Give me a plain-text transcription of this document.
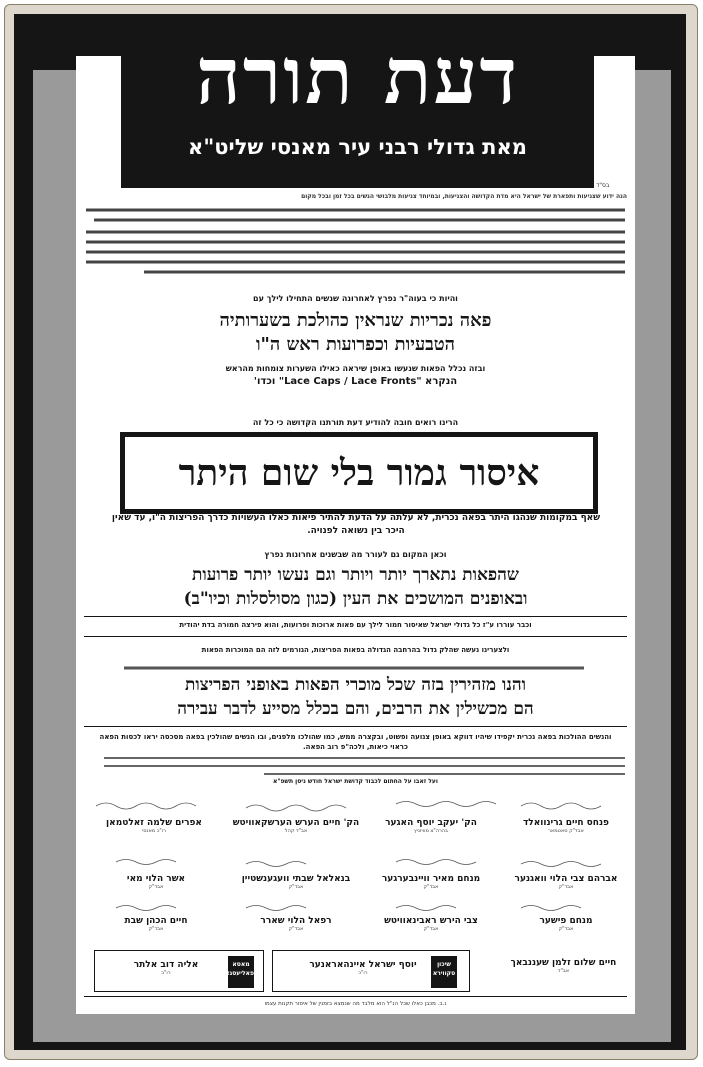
בס"ד
הנה ידוע שצניעות ותפארת של ישראל היא מדת הקדושה והצניעות, ובמיוחד צניעות מלבושי הנשים בכל זמן ובכל מקום
והיות כי בעוה"ר נפרץ לאחרונה שנשים התחילו לילך עם
פאה נכריות שנראין כהולכת בשערותיה
הטבעיות וכפרועות ראש ה"ו
ובזה נכלל הפאות שנעשו באופן שיראה כאילו השערות צומחות מהראש
הנקרא "Lace Caps / Lace Fronts" וכדו'
הרינו רואים חובה להודיע דעת תורתנו הקדושה כי כל זה
איסור גמור בלי שום היתר
שאף במקומות שנהגו היתר בפאה נכרית, לא עלתה על הדעת להתיר פיאות כאלו העשויות כדרך הפריצות ה"ו, עד שאין היכר בין נשואה לפנויה.
וכאן המקום גם לעורר מה שבשנים אחרונות נפרץ
שהפאות נתארך יותר ויותר וגם נעשו יותר פרועות
ובאופנים המושכים את העין (כגון מסולסלות וכיו"ב)
וכבר עוררו ע"ז כל גדולי ישראל שאיסור חמור לילך עם פאות ארוכות ופרועות, והוא פירצה חמורה בדת יהודית
ולצערינו נעשה שהלק גדול בהרחבה הגדולה בפאות הפריצות, הגורמים לזה הם המוכרות הפאות
והנו מזהירין בזה שכל מוכרי הפאות באופני הפריצות
הם מכשילין את הרבים, והם בכלל מסייע לדבר עבירה
והנשים ההולכות בפאה נכרית יקפידו שיהיו דווקא באופן צנועה ופשוט, ובקצרה ממש, כמו שהולכו מלפנים, ובו הנשים שהולכין בפאה מסכסה יראו לכסות הפאה כראוי כיאות, ולכה"פ רוב הפאה.
ועל זאבו על החתום לכבוד קדושת ישראל חודש ניסן תשפ"א
פנחס חיים גרינוואלד
אבד"ק סאטמאר
הק' יעקב יוסף האגער
בהרה"צ מוויזניץ
הק' חיים הערש הערשקאוויטש
אב"ד קהל
אפרים שלמה זאלטמאן
רו"כ מאנסי
אברהם צבי הלוי וואגנער
אבד"ק
מנחם מאיר וויינבערגער
אבד"ק
בנאלאל שבתי וועגענשטיין
אבד"ק
אשר הלוי מאי
אבד"ק
מנחם פישער
אבד"ק
צבי הירש ראבינאוויטש
אבד"ק
רפאל הלוי שארר
אבד"ק
חיים הכהן שבת
אבד"ק
חיים שלום זלמן שעננבאך
אב"ד
שיכון סקווירא
יוסף ישראל איינהאראנער
רו"כ
מאסא פאליעסגאטער
אליה דוב אלתר
רו"כ
נ.ב. מכבן כאלו שכל הנ"ל הוא מלבד מה שנמצא בזמנין של איסור תקנות עצמו
דעת תורה
מאת גדולי רבני עיר מאנסי שליט"א
